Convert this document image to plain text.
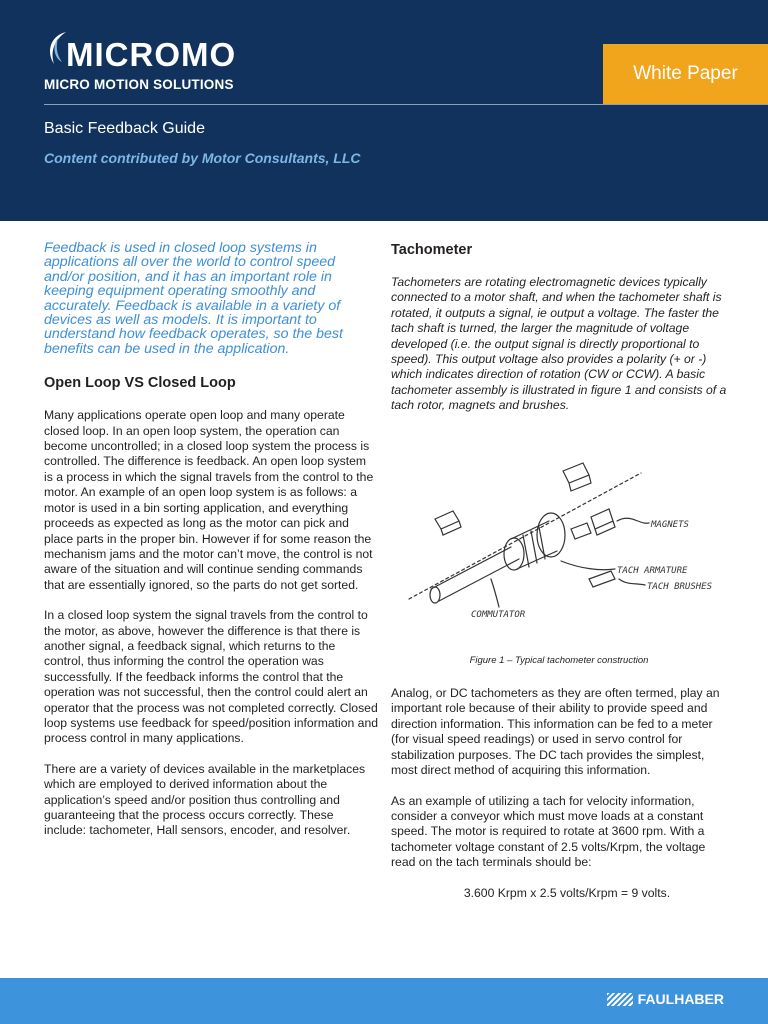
MICROMO
MICRO MOTION SOLUTIONS
White Paper
Basic Feedback Guide
Content contributed by Motor Consultants, LLC

Feedback is used in closed loop systems in applications all over the world to control speed and/or position, and it has an important role in keeping equipment operating smoothly and accurately. Feedback is available in a variety of devices as well as models. It is important to understand how feedback operates, so the best benefits can be used in the application.

Open Loop VS Closed Loop

Many applications operate open loop and many operate closed loop. In an open loop system, the operation can become uncontrolled; in a closed loop system the process is controlled. The difference is feedback. An open loop system is a process in which the signal travels from the control to the motor. An example of an open loop system is as follows: a motor is used in a bin sorting application, and everything proceeds as expected as long as the motor can pick and place parts in the proper bin. However if for some reason the mechanism jams and the motor can’t move, the control is not aware of the situation and will continue sending commands that are essentially ignored, so the parts do not get sorted.

In a closed loop system the signal travels from the control to the motor, as above, however the difference is that there is another signal, a feedback signal, which returns to the control, thus informing the control the operation was successfully. If the feedback informs the control that the operation was not successful, then the control could alert an operator that the process was not completed correctly. Closed loop systems use feedback for speed/position information and process control in many applications.

There are a variety of devices available in the marketplaces which are employed to derived information about the application’s speed and/or position thus controlling and guaranteeing that the process occurs correctly. These include: tachometer, Hall sensors, encoder, and resolver.

Tachometer

Tachometers are rotating electromagnetic devices typically connected to a motor shaft, and when the tachometer shaft is rotated, it outputs a signal, ie output a voltage. The faster the tach shaft is turned, the larger the magnitude of voltage developed (i.e. the output signal is directly proportional to speed). This output voltage also provides a polarity (+ or -) which indicates direction of rotation (CW or CCW). A basic tachometer assembly is illustrated in figure 1 and consists of a tach rotor, magnets and brushes.

MAGNETS
TACH ARMATURE
TACH BRUSHES
COMMUTATOR

Figure 1 – Typical tachometer construction

Analog, or DC tachometers as they are often termed, play an important role because of their ability to provide speed and direction information. This information can be fed to a meter (for visual speed readings) or used in servo control for stabilization purposes. The DC tach provides the simplest, most direct method of acquiring this information.

As an example of utilizing a tach for velocity information, consider a conveyor which must move loads at a constant speed. The motor is required to rotate at 3600 rpm. With a tachometer voltage constant of 2.5 volts/Krpm, the voltage read on the tach terminals should be:

3.600 Krpm x 2.5 volts/Krpm = 9 volts.
FAULHABER
